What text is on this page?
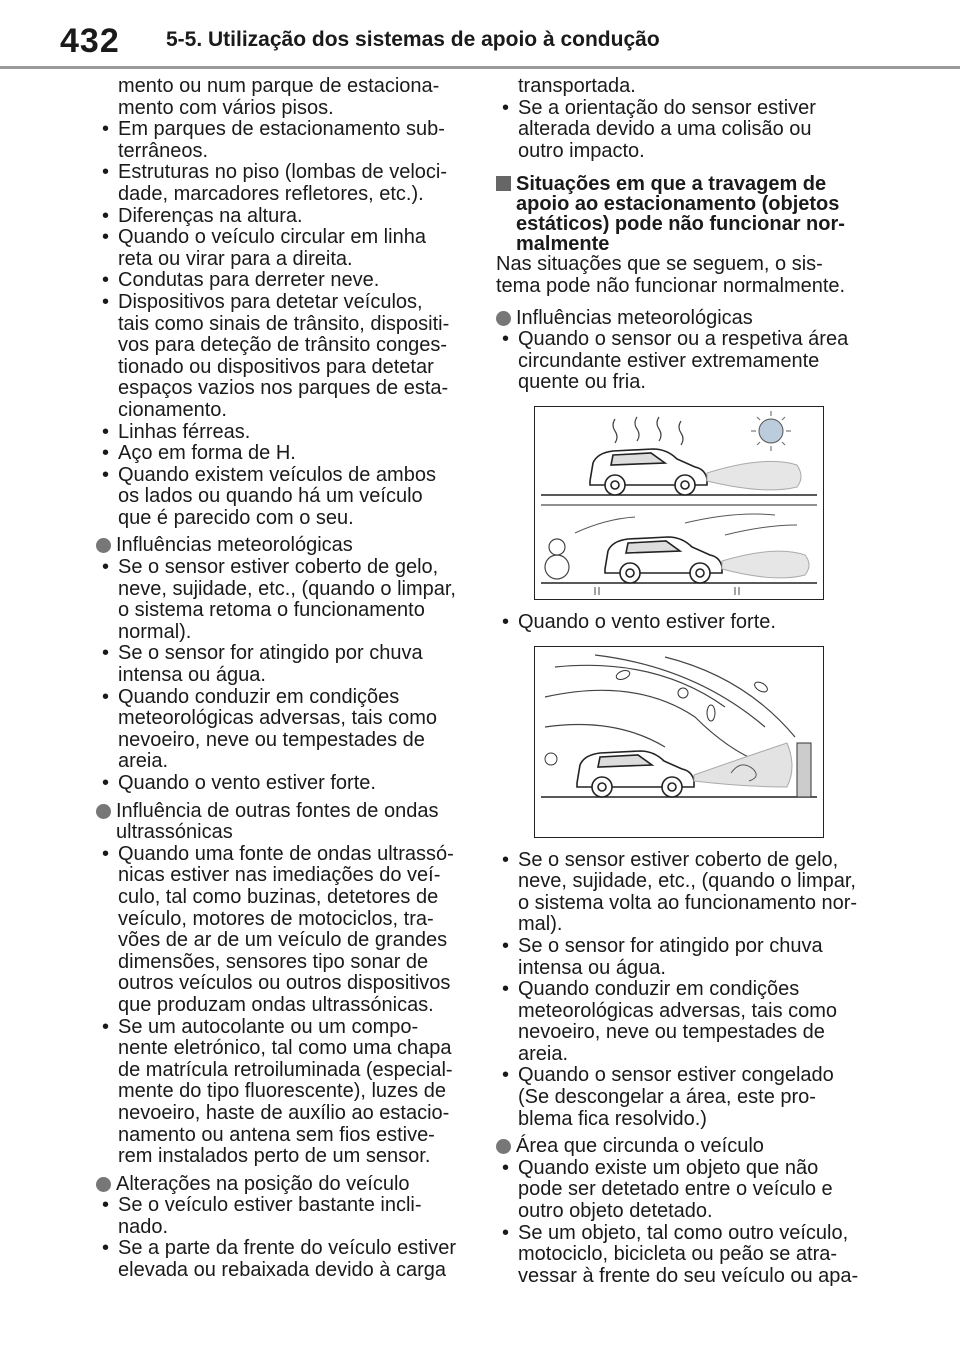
432 5-5. Utilização dos sistemas de apoio à condução
mento ou num parque de estaciona-
mento com vários pisos.
• Em parques de estacionamento sub-
terrâneos.
• Estruturas no piso (lombas de veloci-
dade, marcadores refletores, etc.).
• Diferenças na altura.
• Quando o veículo circular em linha
reta ou virar para a direita.
• Condutas para derreter neve.
• Dispositivos para detetar veículos,
tais como sinais de trânsito, dispositi-
vos para deteção de trânsito conges-
tionado ou dispositivos para detetar
espaços vazios nos parques de esta-
cionamento.
• Linhas férreas.
• Aço em forma de H.
• Quando existem veículos de ambos
os lados ou quando há um veículo
que é parecido com o seu.
Influências meteorológicas
• Se o sensor estiver coberto de gelo,
neve, sujidade, etc., (quando o limpar,
o sistema retoma o funcionamento
normal).
• Se o sensor for atingido por chuva
intensa ou água.
• Quando conduzir em condições
meteorológicas adversas, tais como
nevoeiro, neve ou tempestades de
areia.
• Quando o vento estiver forte.
Influência de outras fontes de ondas
ultrassónicas
• Quando uma fonte de ondas ultrassó-
nicas estiver nas imediações do veí-
culo, tal como buzinas, detetores de
veículo, motores de motociclos, tra-
vões de ar de um veículo de grandes
dimensões, sensores tipo sonar de
outros veículos ou outros dispositivos
que produzam ondas ultrassónicas.
• Se um autocolante ou um compo-
nente eletrónico, tal como uma chapa
de matrícula retroiluminada (especial-
mente do tipo fluorescente), luzes de
nevoeiro, haste de auxílio ao estacio-
namento ou antena sem fios estive-
rem instalados perto de um sensor.
Alterações na posição do veículo
• Se o veículo estiver bastante incli-
nado.
• Se a parte da frente do veículo estiver
elevada ou rebaixada devido à carga
transportada.
• Se a orientação do sensor estiver
alterada devido a uma colisão ou
outro impacto.
Situações em que a travagem de
apoio ao estacionamento (objetos
estáticos) pode não funcionar nor-
malmente
Nas situações que se seguem, o sis-
tema pode não funcionar normalmente.
Influências meteorológicas
• Quando o sensor ou a respetiva área
circundante estiver extremamente
quente ou fria.
• Quando o vento estiver forte.
• Se o sensor estiver coberto de gelo,
neve, sujidade, etc., (quando o limpar,
o sistema volta ao funcionamento nor-
mal).
• Se o sensor for atingido por chuva
intensa ou água.
• Quando conduzir em condições
meteorológicas adversas, tais como
nevoeiro, neve ou tempestades de
areia.
• Quando o sensor estiver congelado
(Se descongelar a área, este pro-
blema fica resolvido.)
Área que circunda o veículo
• Quando existe um objeto que não
pode ser detetado entre o veículo e
outro objeto detetado.
• Se um objeto, tal como outro veículo,
motociclo, bicicleta ou peão se atra-
vessar à frente do seu veículo ou apa-
